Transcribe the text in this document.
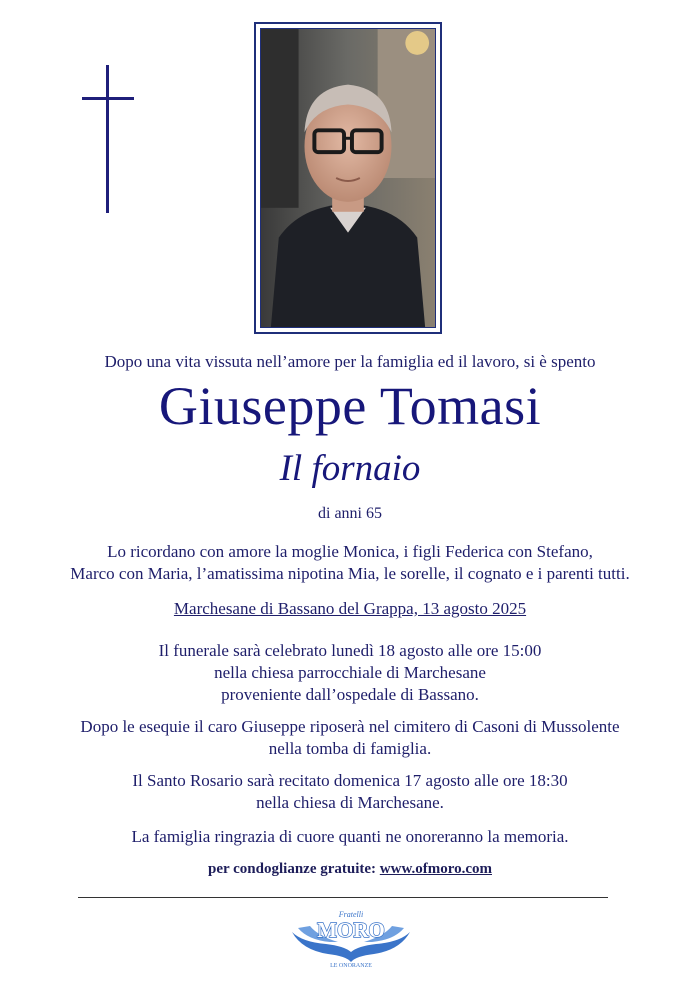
Dopo una vita vissuta nell’amore per la famiglia ed il lavoro, si è spento
Giuseppe Tomasi
Il fornaio
di anni 65
Lo ricordano con amore la moglie Monica, i figli Federica con Stefano,
Marco con Maria, l’amatissima nipotina Mia, le sorelle, il cognato e i parenti tutti.
Marchesane di Bassano del Grappa, 13 agosto 2025
Il funerale sarà celebrato lunedì 18 agosto alle ore 15:00
nella chiesa parrocchiale di Marchesane
proveniente dall’ospedale di Bassano.
Dopo le esequie il caro Giuseppe riposerà nel cimitero di Casoni di Mussolente
nella tomba di famiglia.
Il Santo Rosario sarà recitato domenica 17 agosto alle ore 18:30
nella chiesa di Marchesane.
La famiglia ringrazia di cuore quanti ne onoreranno la memoria.
per condoglianze gratuite: www.ofmoro.com
Fratelli
MORO
LE ONORANZE
